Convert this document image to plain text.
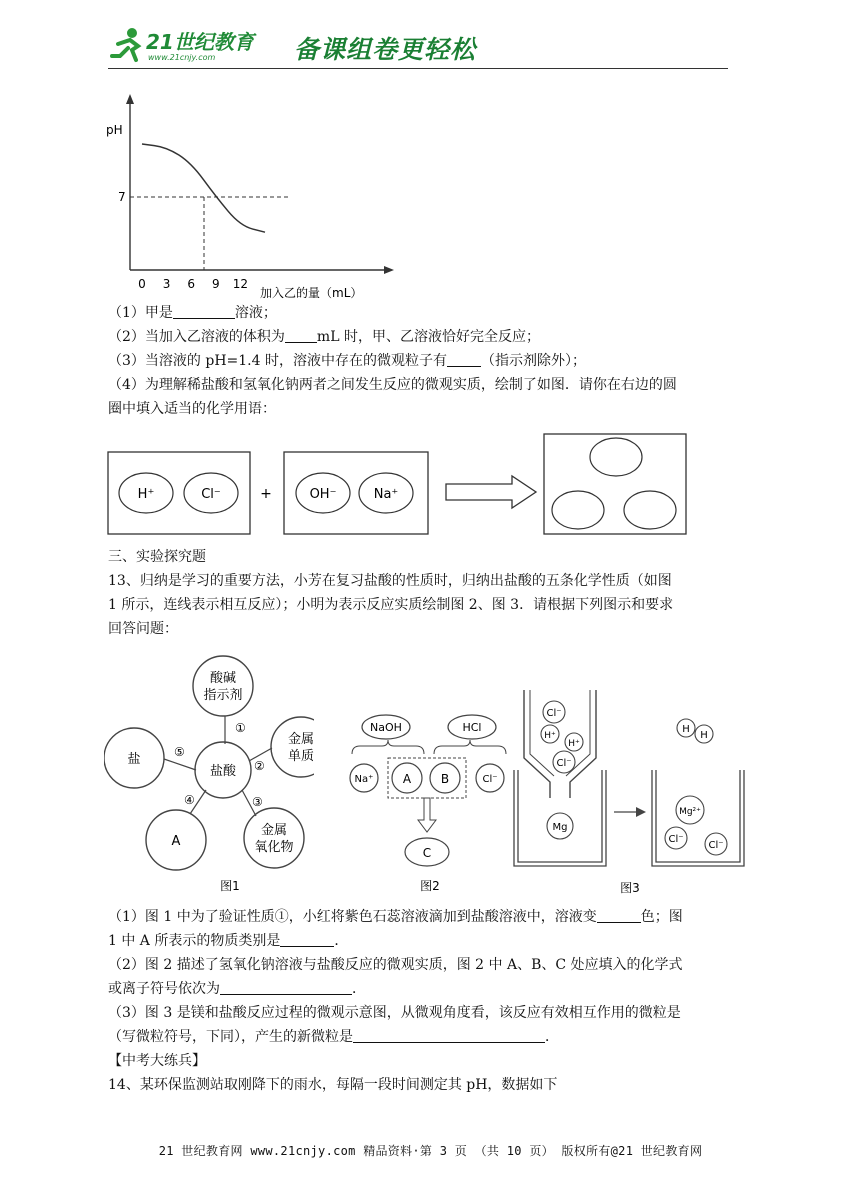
21世纪教育
www.21cnjy.com	备课组卷更轻松
pH
7
0 3 6 9 12
加入乙的量（mL）
（1）甲是	溶液；
（2）当加入乙溶液的体积为 mL 时，甲、乙溶液恰好完全反应；
（3）当溶液的 pH=1.4 时，溶液中存在的微观粒子有 （指示剂除外）；
（4）为理解稀盐酸和氢氧化钠两者之间发生反应的微观实质，绘制了如图．请你在右边的圆
圈中填入适当的化学用语：
H⁺	Cl⁻	+	OH⁻	Na⁺
三、实验探究题
13、归纳是学习的重要方法，小芳在复习盐酸的性质时，归纳出盐酸的五条化学性质（如图
1 所示，连线表示相互反应）；小明为表示反应实质绘制图 2、图 3．请根据下列图示和要求
回答问题：
酸碱
指示剂
盐酸
金属
单质
金属
氧化物
A
盐
①
②
③
④
⑤
图1
NaOH	HCl
Na⁺ A B	Cl⁻
C
图2
Cl⁻
H⁺
H⁺
Cl⁻
Mg
H
H
Mg²⁺
Cl⁻
Cl⁻
图3
（1）图 1 中为了验证性质①，小红将紫色石蕊溶液滴加到盐酸溶液中，溶液变	色；图
1 中 A 所表示的物质类别是	．
（2）图 2 描述了氢氧化钠溶液与盐酸反应的微观实质，图 2 中 A、B、C 处应填入的化学式
或离子符号依次为	．
（3）图 3 是镁和盐酸反应过程的微观示意图，从微观角度看，该反应有效相互作用的微粒是
（写微粒符号，下同），产生的新微粒是	．
【中考大练兵】
14、某环保监测站取刚降下的雨水，每隔一段时间测定其 pH，数据如下
21 世纪教育网 www.21cnjy.com 精品资料·第 3 页 （共 10 页） 版权所有@21 世纪教育网
